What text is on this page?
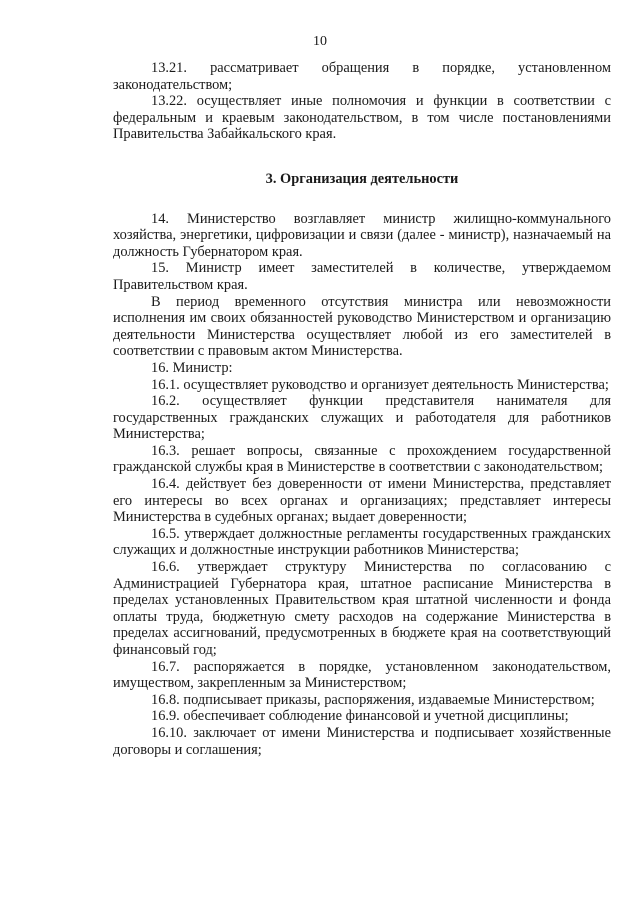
10

13.21. рассматривает обращения в порядке, установленном законодательством;

13.22. осуществляет иные полномочия и функции в соответствии с федеральным и краевым законодательством, в том числе постановлениями Правительства Забайкальского края.

3. Организация деятельности

14. Министерство возглавляет министр жилищно-коммунального хозяйства, энергетики, цифровизации и связи (далее - министр), назначаемый на должность Губернатором края.

15. Министр имеет заместителей в количестве, утверждаемом Правительством края.

В период временного отсутствия министра или невозможности исполнения им своих обязанностей руководство Министерством и организацию деятельности Министерства осуществляет любой из его заместителей в соответствии с правовым актом Министерства.

16. Министр:

16.1. осуществляет руководство и организует деятельность Министерства;

16.2. осуществляет функции представителя нанимателя для государственных гражданских служащих и работодателя для работников Министерства;

16.3. решает вопросы, связанные с прохождением государственной гражданской службы края в Министерстве в соответствии с законодательством;

16.4. действует без доверенности от имени Министерства, представляет его интересы во всех органах и организациях; представляет интересы Министерства в судебных органах; выдает доверенности;

16.5. утверждает должностные регламенты государственных гражданских служащих и должностные инструкции работников Министерства;

16.6. утверждает структуру Министерства по согласованию с Администрацией Губернатора края, штатное расписание Министерства в пределах установленных Правительством края штатной численности и фонда оплаты труда, бюджетную смету расходов на содержание Министерства в пределах ассигнований, предусмотренных в бюджете края на соответствующий финансовый год;

16.7. распоряжается в порядке, установленном законодательством, имуществом, закрепленным за Министерством;

16.8. подписывает приказы, распоряжения, издаваемые Министерством;

16.9. обеспечивает соблюдение финансовой и учетной дисциплины;

16.10. заключает от имени Министерства и подписывает хозяйственные договоры и соглашения;
